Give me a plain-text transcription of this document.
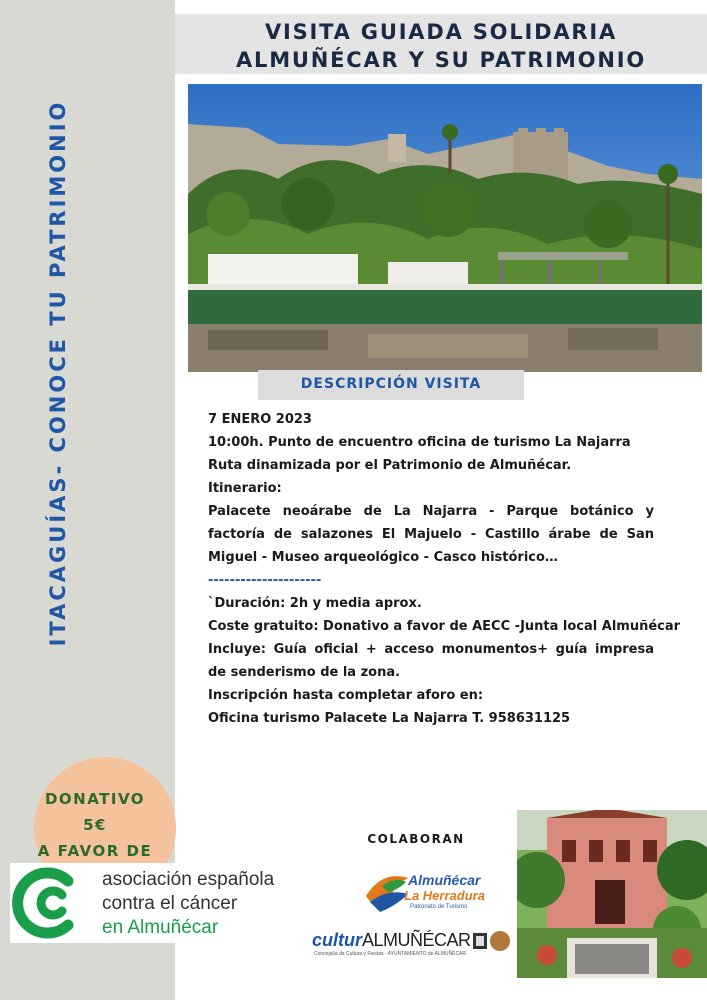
ITACAGUÍAS- CONOCE TU PATRIMONIO
VISITA GUIADA SOLIDARIA
ALMUÑÉCAR Y SU PATRIMONIO
DESCRIPCIÓN VISITA
7 ENERO 2023
10:00h. Punto de encuentro oficina de turismo La Najarra
Ruta dinamizada por el Patrimonio de Almuñécar.
Itinerario:
Palacete neoárabe de La Najarra - Parque botánico y factoría de salazones El Majuelo - Castillo árabe de San Miguel - Museo arqueológico - Casco histórico…
---------------------
`Duración: 2h y media aprox.
Coste gratuito: Donativo a favor de AECC -Junta local Almuñécar
Incluye: Guía oficial + acceso monumentos+ guía impresa de senderismo de la zona.
Inscripción hasta completar aforo en:
Oficina turismo Palacete La Najarra T. 958631125
DONATIVO
5€
A FAVOR DE
asociación española
contra el cáncer
en Almuñécar
COLABORAN
Almuñécar
La Herradura
Patronato de Turismo
culturALMUÑÉCAR
Concejalía de Cultura y Fiestas · AYUNTAMIENTO de ALMUÑÉCAR
